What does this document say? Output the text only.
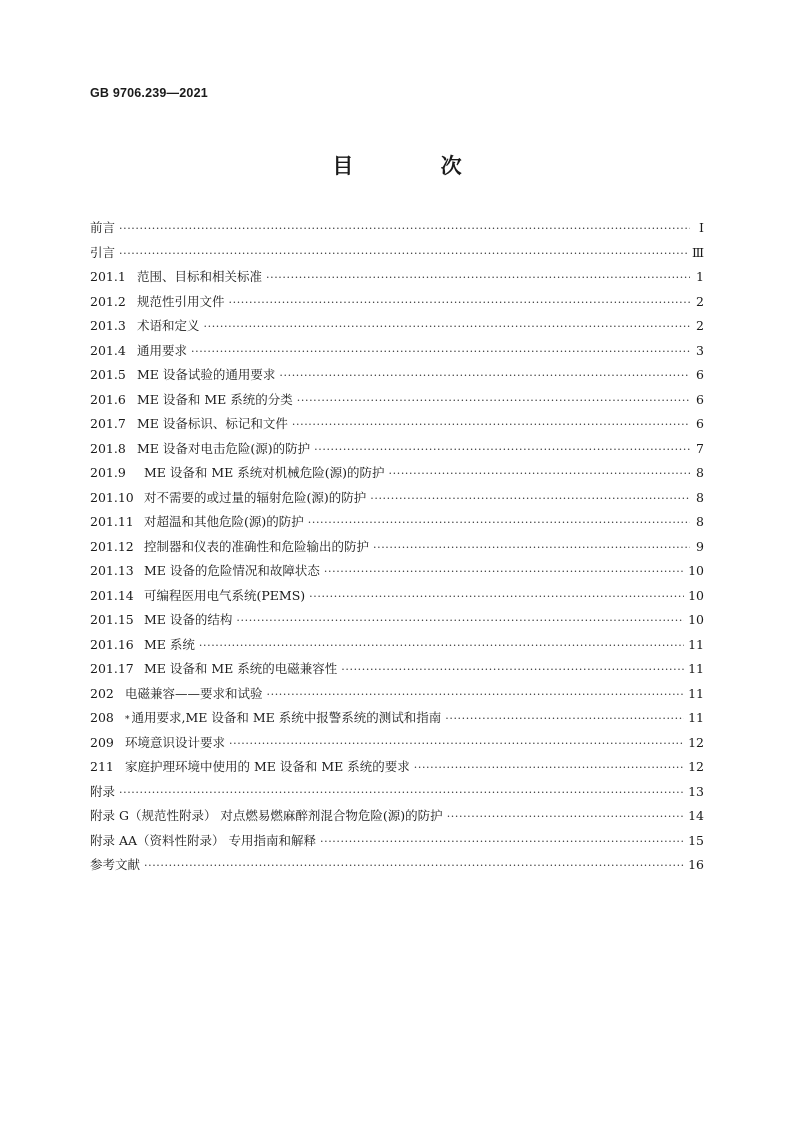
GB 9706.239—2021
目 次
前言 ·····	Ⅰ
引言 ·····	Ⅲ
201.1 范围、目标和相关标准 ·····	1
201.2 规范性引用文件 ·····	2
201.3 术语和定义 ·····	2
201.4 通用要求 ·····	3
201.5 ME 设备试验的通用要求 ·····	6
201.6 ME 设备和 ME 系统的分类 ·····	6
201.7 ME 设备标识、标记和文件 ·····	6
201.8 ME 设备对电击危险(源)的防护 ·····	7
201.9	ME 设备和 ME 系统对机械危险(源)的防护 ·····	8
201.10 对不需要的或过量的辐射危险(源)的防护 ·····	8
201.11 对超温和其他危险(源)的防护 ·····	8
201.12 控制器和仪表的准确性和危险输出的防护 ·····	9
201.13 ME 设备的危险情况和故障状态 ·····	10
201.14 可编程医用电气系统(PEMS) ·····	10
201.15 ME 设备的结构 ·····	10
201.16 ME 系统 ·····	11
201.17 ME 设备和 ME 系统的电磁兼容性 ·····	11
202 电磁兼容——要求和试验 ·····	11
208	* 通用要求,ME 设备和 ME 系统中报警系统的测试和指南 ·····	11
209 环境意识设计要求 ·····	12
211 家庭护理环境中使用的 ME 设备和 ME 系统的要求 ·····	12
附录 ·····	13
附录 G（规范性附录） 对点燃易燃麻醉剂混合物危险(源)的防护 ·····	14
附录 AA（资料性附录） 专用指南和解释 ·····	15
参考文献 ·····	16
